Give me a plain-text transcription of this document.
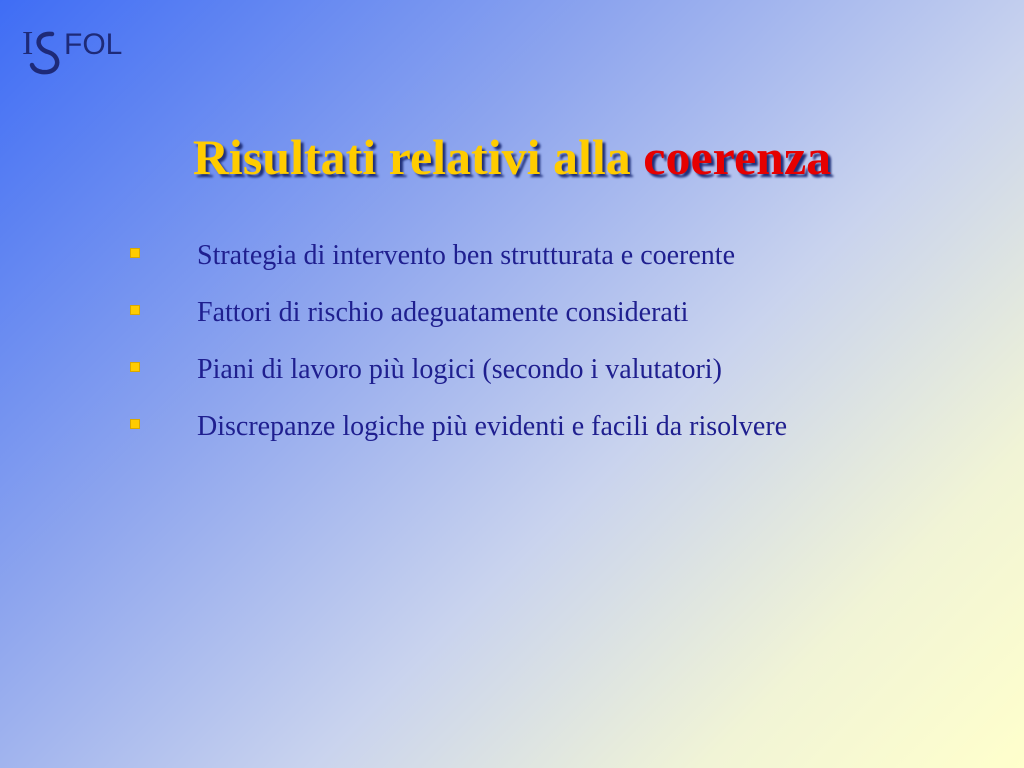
I FOL
Risultati relativi alla coerenza
Strategia di intervento ben strutturata e coerente
Fattori di rischio adeguatamente considerati
Piani di lavoro più logici (secondo i valutatori)
Discrepanze logiche più evidenti e facili da risolvere
